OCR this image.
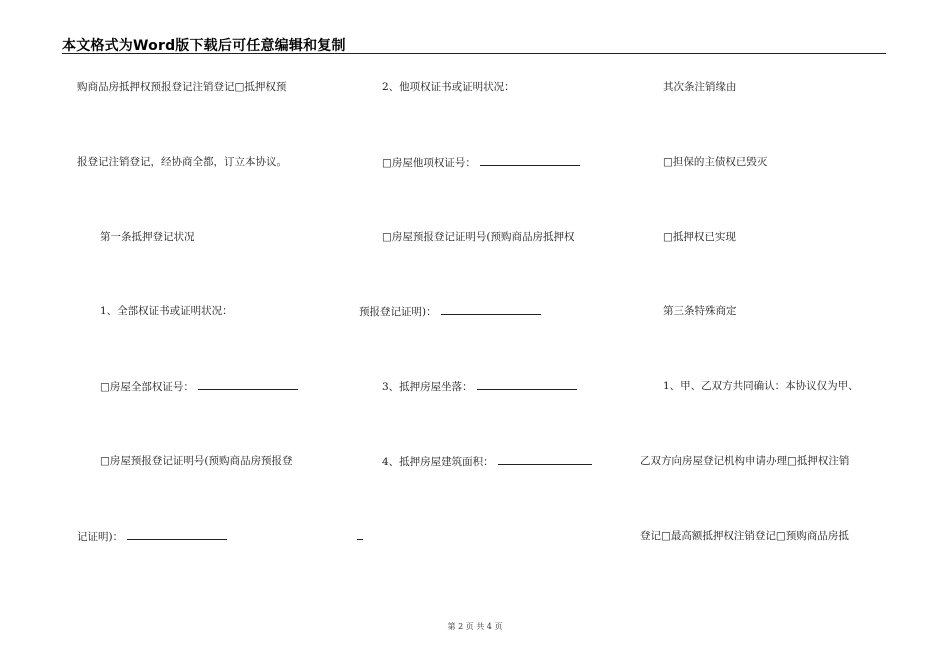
本文格式为Word版下载后可任意编辑和复制
购商品房抵押权预报登记注销登记□抵押权预
报登记注销登记，经协商全都，订立本协议。
第一条抵押登记状况
1、全部权证书或证明状况：
□房屋全部权证号：
□房屋预报登记证明号(预购商品房预报登
记证明)：
2、他项权证书或证明状况：
□房屋他项权证号：
□房屋预报登记证明号(预购商品房抵押权
预报登记证明)：
3、抵押房屋坐落：
4、抵押房屋建筑面积：
其次条注销缘由
□担保的主债权已毁灭
□抵押权已实现
第三条特殊商定
1、甲、乙双方共同确认：本协议仅为甲、
乙双方向房屋登记机构申请办理□抵押权注销
登记□最高额抵押权注销登记□预购商品房抵
第 2 页 共 4 页
